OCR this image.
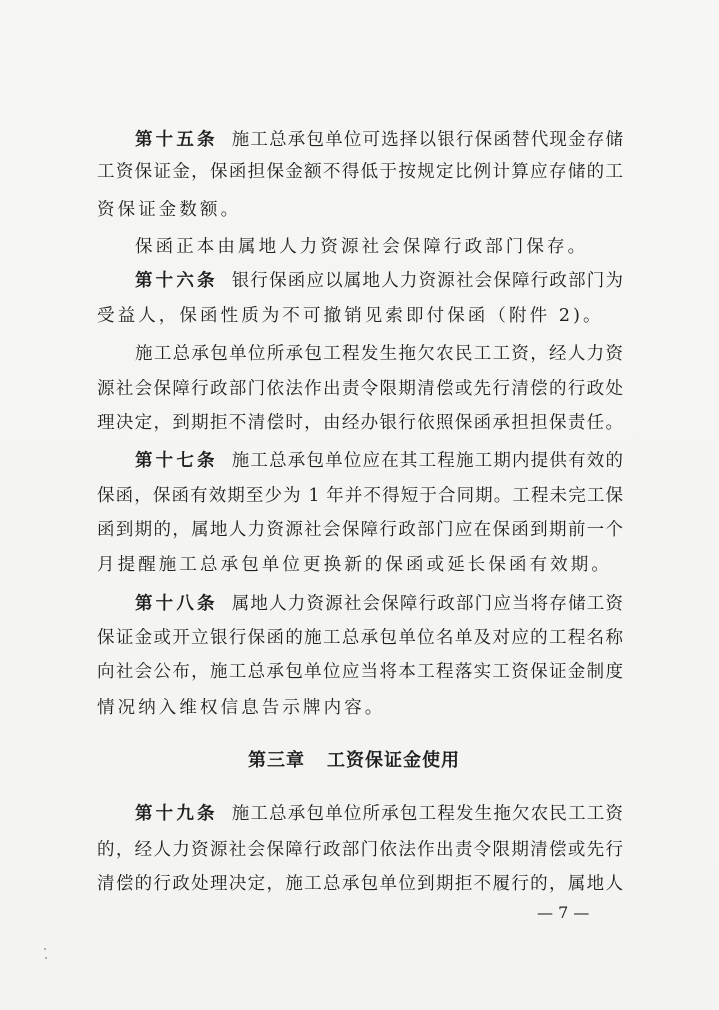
第十五条 施工总承包单位可选择以银行保函替代现金存储
工资保证金，保函担保金额不得低于按规定比例计算应存储的工
资保证金数额。
保函正本由属地人力资源社会保障行政部门保存。
第十六条 银行保函应以属地人力资源社会保障行政部门为
受益人，保函性质为不可撤销见索即付保函（附件 2)。
施工总承包单位所承包工程发生拖欠农民工工资，经人力资
源社会保障行政部门依法作出责令限期清偿或先行清偿的行政处
理决定，到期拒不清偿时，由经办银行依照保函承担担保责任。
第十七条 施工总承包单位应在其工程施工期内提供有效的
保函，保函有效期至少为 1 年并不得短于合同期。工程未完工保
函到期的，属地人力资源社会保障行政部门应在保函到期前一个
月提醒施工总承包单位更换新的保函或延长保函有效期。
第十八条 属地人力资源社会保障行政部门应当将存储工资
保证金或开立银行保函的施工总承包单位名单及对应的工程名称
向社会公布，施工总承包单位应当将本工程落实工资保证金制度
情况纳入维权信息告示牌内容。
第三章 工资保证金使用
第十九条 施工总承包单位所承包工程发生拖欠农民工工资
的，经人力资源社会保障行政部门依法作出责令限期清偿或先行
清偿的行政处理决定，施工总承包单位到期拒不履行的，属地人
— 7 —
